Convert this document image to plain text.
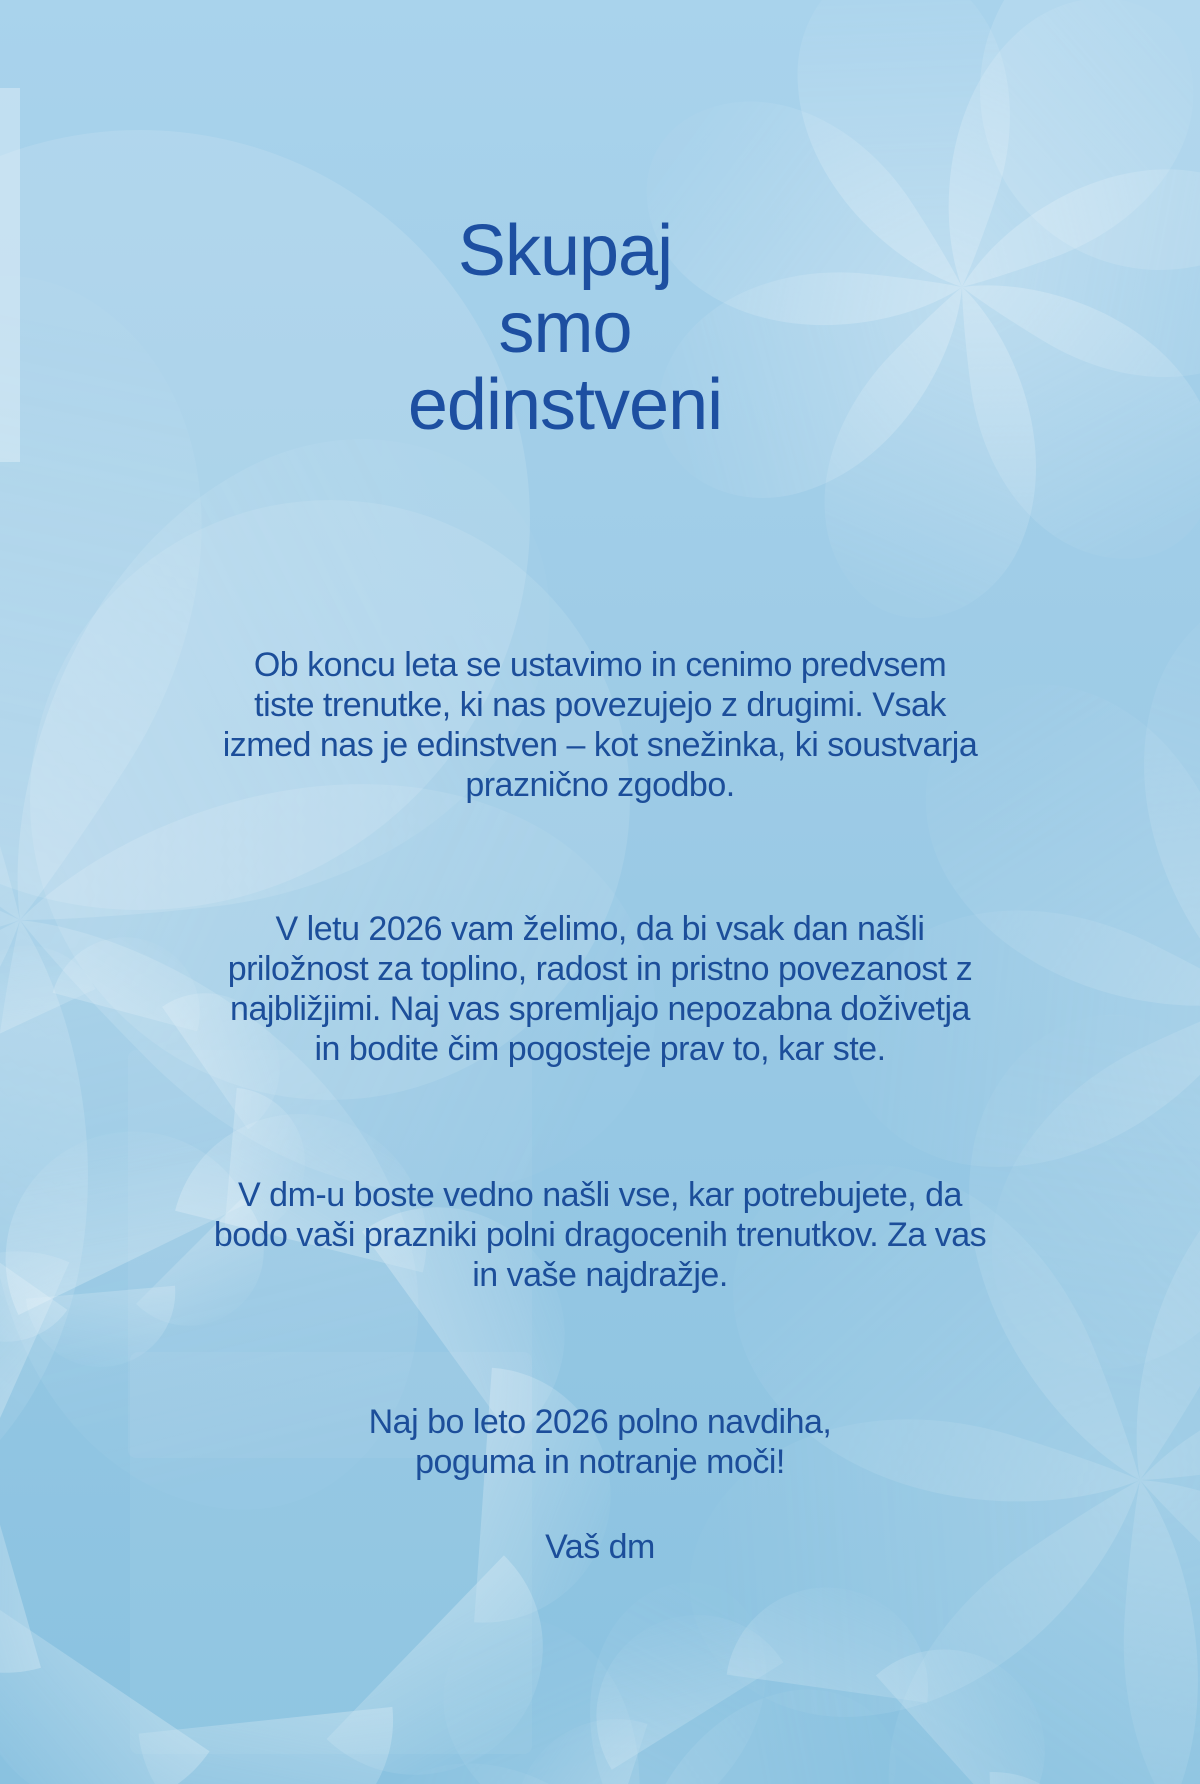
Skupaj
smo
edinstveni

Ob koncu leta se ustavimo in cenimo predvsem
tiste trenutke, ki nas povezujejo z drugimi. Vsak
izmed nas je edinstven – kot snežinka, ki soustvarja
praznično zgodbo.

V letu 2026 vam želimo, da bi vsak dan našli
priložnost za toplino, radost in pristno povezanost z
najbližjimi. Naj vas spremljajo nepozabna doživetja
in bodite čim pogosteje prav to, kar ste.

V dm-u boste vedno našli vse, kar potrebujete, da
bodo vaši prazniki polni dragocenih trenutkov. Za vas
in vaše najdražje.

Naj bo leto 2026 polno navdiha,
poguma in notranje moči!

Vaš dm
